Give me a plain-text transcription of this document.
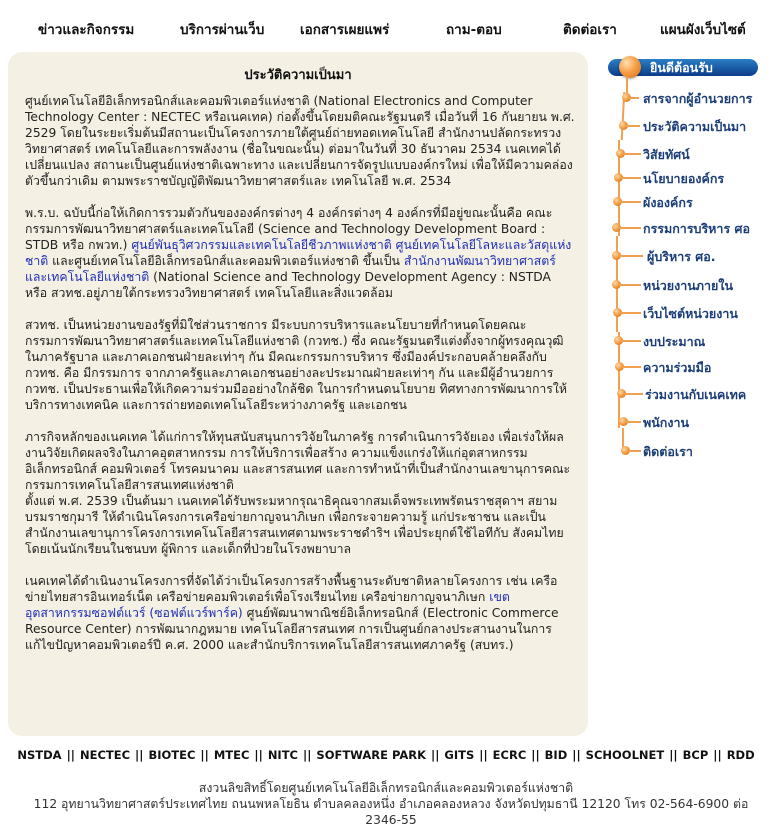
ข่าวและกิจกรรม	บริการผ่านเว็บ	เอกสารเผยแพร่	ถาม-ตอบ	ติดต่อเรา	แผนผังเว็บไซต์
ประวัติความเป็นมา

ศูนย์เทคโนโลยีอิเล็กทรอนิกส์และคอมพิวเตอร์แห่งชาติ (National Electronics and Computer Technology Center : NECTEC หรือเนคเทค) ก่อตั้งขึ้นโดยมติคณะรัฐมนตรี เมื่อวันที่ 16 กันยายน พ.ศ. 2529 โดยในระยะเริ่มต้นมีสถานะเป็นโครงการภายใต้ศูนย์ถ่ายทอดเทคโนโลยี สำนักงานปลัดกระทรวงวิทยาศาสตร์ เทคโนโลยีและการพลังงาน (ชื่อในขณะนั้น) ต่อมาในวันที่ 30 ธันวาคม 2534 เนคเทคได้เปลี่ยนแปลง สถานะเป็นศูนย์แห่งชาติเฉพาะทาง และเปลี่ยนการจัดรูปแบบองค์กรใหม่ เพื่อให้มีความคล่องตัวขึ้นกว่าเดิม ตามพระราชบัญญัติพัฒนาวิทยาศาสตร์และ เทคโนโลยี พ.ศ. 2534

พ.ร.บ. ฉบับนี้ก่อให้เกิดการรวมตัวกันขององค์กรต่างๆ 4 องค์กรต่างๆ 4 องค์กรที่มีอยู่ขณะนั้นคือ คณะกรรมการพัฒนาวิทยาศาสตร์และเทคโนโลยี (Science and Technology Development Board : STDB หรือ กพวท.) ศูนย์พันธุวิศวกรรมและเทคโนโลยีชีวภาพแห่งชาติ ศูนย์เทคโนโลยีโลหะและวัสดุแห่งชาติ และศูนย์เทคโนโลยีอิเล็กทรอนิกส์และคอมพิวเตอร์แห่งชาติ ขึ้นเป็น สำนักงานพัฒนาวิทยาศาสตร์และเทคโนโลยีแห่งชาติ (National Science and Technology Development Agency : NSTDA หรือ สวทช.อยู่ภายใต้กระทรวงวิทยาศาสตร์ เทคโนโลยีและสิ่งแวดล้อม

สวทช. เป็นหน่วยงานของรัฐที่มิใช่ส่วนราชการ มีระบบการบริหารและนโยบายที่กำหนดโดยคณะกรรมการพัฒนาวิทยาศาสตร์และเทคโนโลยีแห่งชาติ (กวทช.) ซึ่ง คณะรัฐมนตรีแต่งตั้งจากผู้ทรงคุณวุฒิในภาครัฐบาล และภาคเอกชนฝ่ายละเท่าๆ กัน มีคณะกรรมการบริหาร ซึ่งมีองค์ประกอบคล้ายคลึงกับ กวทช. คือ มีกรรมการ จากภาครัฐและภาคเอกชนอย่างละประมาณฝ่ายละเท่าๆ กัน และมีผู้อำนวยการ กวทช. เป็นประธานเพื่อให้เกิดความร่วมมืออย่างใกล้ชิด ในการกำหนดนโยบาย ทิศทางการพัฒนาการให้บริการทางเทคนิค และการถ่ายทอดเทคโนโลยีระหว่างภาครัฐ และเอกชน

ภารกิจหลักของเนคเทค ได้แก่การให้ทุนสนับสนุนการวิจัยในภาครัฐ การดำเนินการวิจัยเอง เพื่อเร่งให้ผลงานวิจัยเกิดผลจริงในภาคอุตสาหกรรม การให้บริการเพื่อสร้าง ความแข็งแกร่งให้แก่อุตสาหกรรมอิเล็กทรอนิกส์ คอมพิวเตอร์ โทรคมนาคม และสารสนเทศ และการทำหน้าที่เป็นสำนักงานเลขานุการคณะกรรมการเทคโนโลยีสารสนเทศแห่งชาติ

ตั้งแต่ พ.ศ. 2539 เป็นต้นมา เนคเทคได้รับพระมหากรุณาธิคุณจากสมเด็จพระเทพรัตนราชสุดาฯ สยามบรมราชกุมารี ให้ดำเนินโครงการเครือข่ายกาญจนาภิเษก เพื่อกระจายความรู้ แก่ประชาชน และเป็นสำนักงานเลขานุการโครงการเทคโนโลยีสารสนเทศตามพระราชดำริฯ เพื่อประยุกต์ใช้ไอทีกับ สังคมไทย โดยเน้นนักเรียนในชนบท ผู้พิการ และเด็กที่ป่วยในโรงพยาบาล

เนคเทคได้ดำเนินงานโครงการที่จัดได้ว่าเป็นโครงการสร้างพื้นฐานระดับชาติหลายโครงการ เช่น เครือข่ายไทยสารอินเทอร์เน็ต เครือข่ายคอมพิวเตอร์เพื่อโรงเรียนไทย เครือข่ายกาญจนาภิเษก เขตอุตสาหกรรมซอฟต์แวร์ (ซอฟต์แวร์พาร์ค) ศูนย์พัฒนาพาณิชย์อิเล็กทรอนิกส์ (Electronic Commerce Resource Center) การพัฒนากฎหมาย เทคโนโลยีสารสนเทศ การเป็นศูนย์กลางประสานงานในการแก้ไขปัญหาคอมพิวเตอร์ปี ค.ศ. 2000 และสำนักบริการเทคโนโลยีสารสนเทศภาครัฐ (สบทร.)

ยินดีต้อนรับ
สารจากผู้อำนวยการ
ประวัติความเป็นมา
วิสัยทัศน์
นโยบายองค์กร
ผังองค์กร
กรรมการบริหาร ศอ
ผู้บริหาร ศอ.
หน่วยงานภายใน
เว็บไซต์หน่วยงาน
งบประมาณ
ความร่วมมือ
ร่วมงานกับเนคเทค
พนักงาน
ติดต่อเรา
NSTDA || NECTEC || BIOTEC || MTEC || NITC || SOFTWARE PARK || GITS || ECRC || BID || SCHOOLNET || BCP || RDD
สงวนลิขสิทธิ์โดยศูนย์เทคโนโลยีอิเล็กทรอนิกส์และคอมพิวเตอร์แห่งชาติ
112 อุทยานวิทยาศาสตร์ประเทศไทย ถนนพหลโยธิน ตำบลคลองหนึ่ง อำเภอคลองหลวง จังหวัดปทุมธานี 12120 โทร 02-564-6900 ต่อ 2346-55
